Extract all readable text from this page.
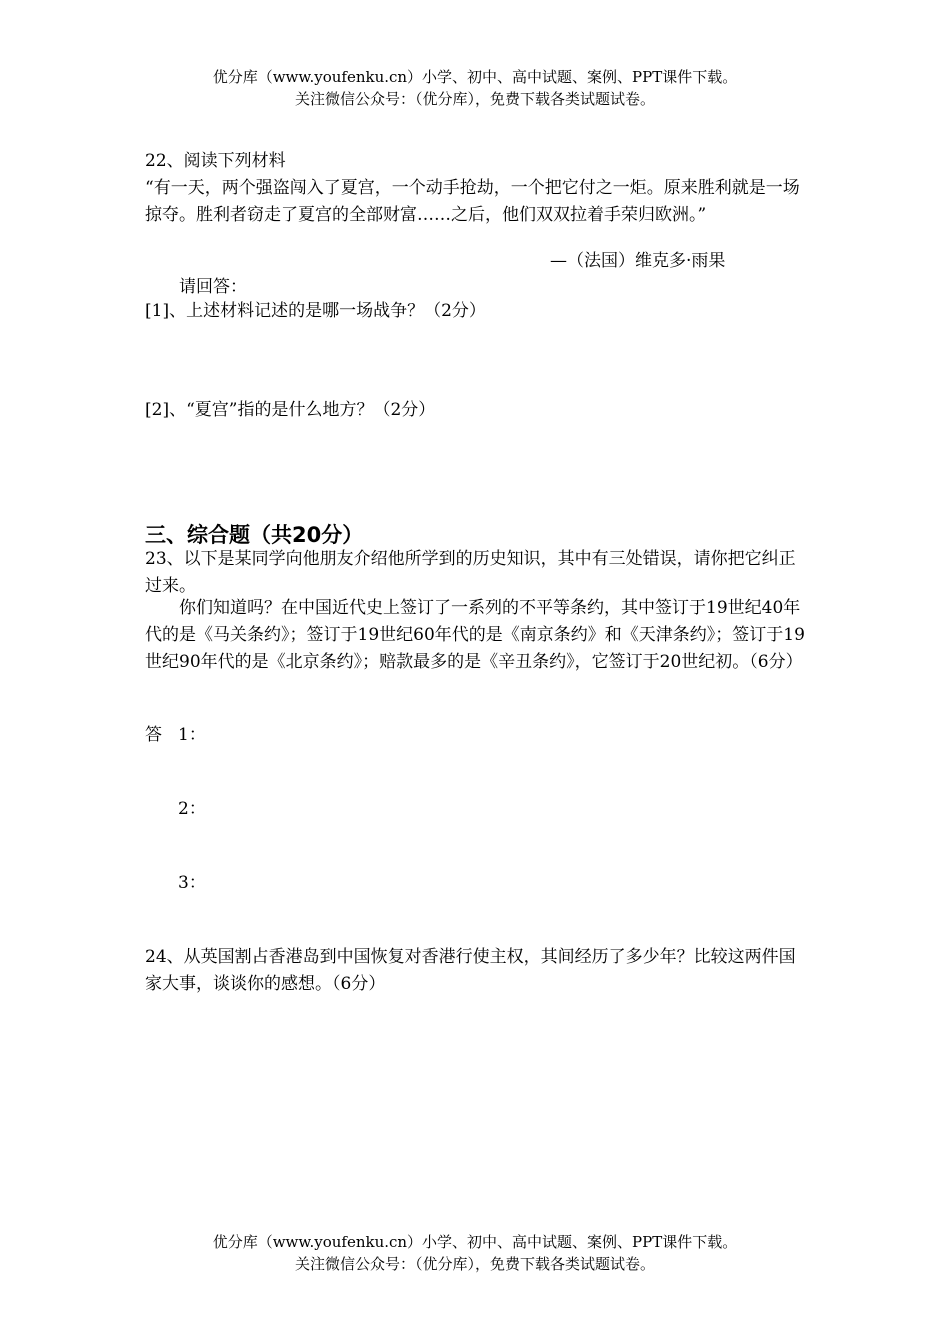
优分库（www.youfenku.cn）小学、初中、高中试题、案例、PPT课件下载。
关注微信公众号：（优分库），免费下载各类试题试卷。
22、阅读下列材料
“有一天，两个强盗闯入了夏宫，一个动手抢劫，一个把它付之一炬。原来胜利就是一场掠夺。胜利者窃走了夏宫的全部财富……之后，他们双双拉着手荣归欧洲。”
—（法国）维克多·雨果
请回答：
[1]、上述材料记述的是哪一场战争？（2分）
[2]、“夏宫”指的是什么地方？（2分）
三、综合题（共20分）
23、以下是某同学向他朋友介绍他所学到的历史知识，其中有三处错误，请你把它纠正过来。
你们知道吗？在中国近代史上签订了一系列的不平等条约，其中签订于19世纪40年代的是《马关条约》；签订于19世纪60年代的是《南京条约》和《天津条约》；签订于19世纪90年代的是《北京条约》；赔款最多的是《辛丑条约》，它签订于20世纪初。（6分）
答 1：
2：
3：
24、从英国割占香港岛到中国恢复对香港行使主权，其间经历了多少年？比较这两件国家大事，谈谈你的感想。（6分）
优分库（www.youfenku.cn）小学、初中、高中试题、案例、PPT课件下载。
关注微信公众号：（优分库），免费下载各类试题试卷。
